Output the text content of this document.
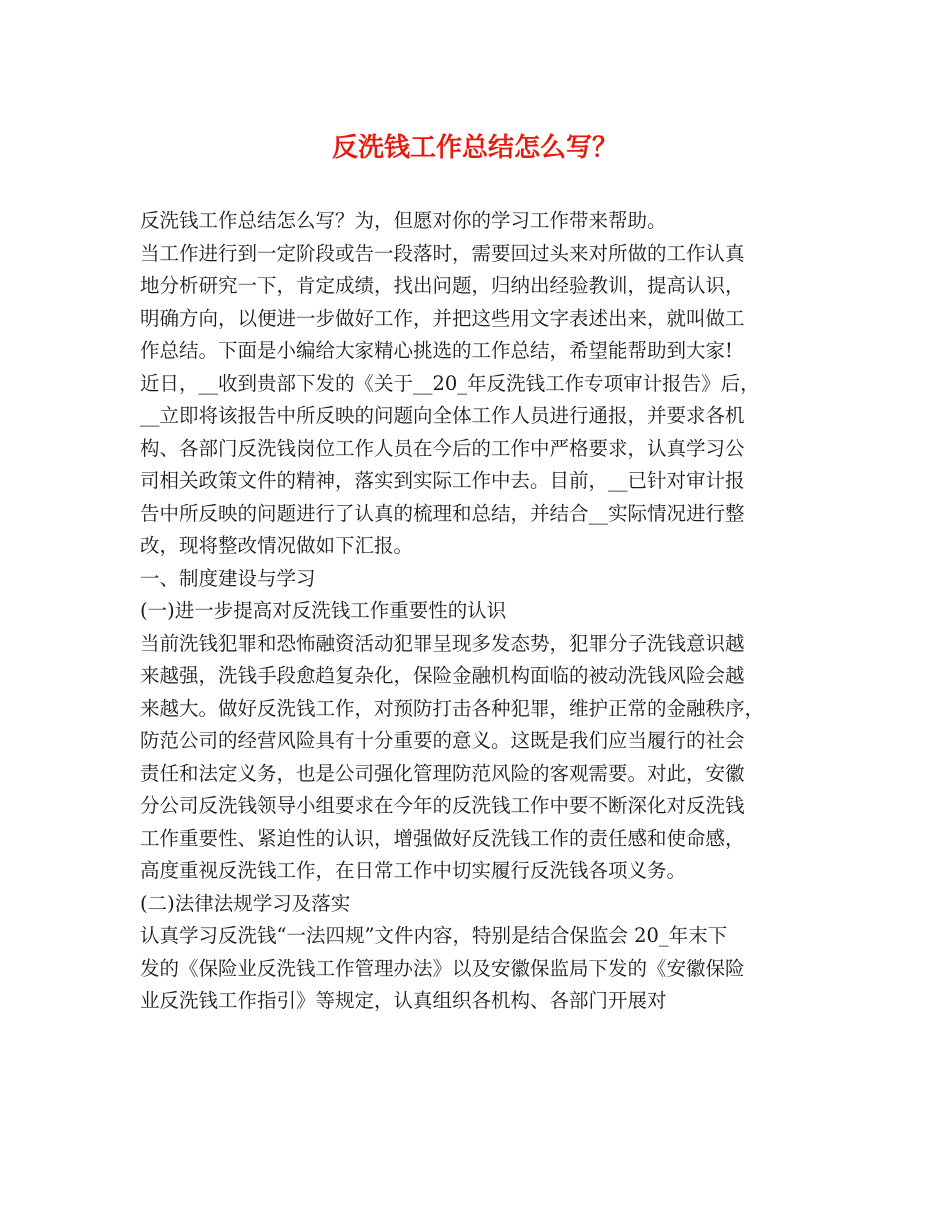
反洗钱工作总结怎么写？

反洗钱工作总结怎么写？为，但愿对你的学习工作带来帮助。

当工作进行到一定阶段或告一段落时，需要回过头来对所做的工作认真

地分析研究一下，肯定成绩，找出问题，归纳出经验教训，提高认识，

明确方向，以便进一步做好工作，并把这些用文字表述出来，就叫做工

作总结。下面是小编给大家精心挑选的工作总结，希望能帮助到大家!

近日，__收到贵部下发的《关于__20_年反洗钱工作专项审计报告》后，

__立即将该报告中所反映的问题向全体工作人员进行通报，并要求各机

构、各部门反洗钱岗位工作人员在今后的工作中严格要求，认真学习公

司相关政策文件的精神，落实到实际工作中去。目前，__已针对审计报

告中所反映的问题进行了认真的梳理和总结，并结合__实际情况进行整

改，现将整改情况做如下汇报。

一、制度建设与学习

(一)进一步提高对反洗钱工作重要性的认识

当前洗钱犯罪和恐怖融资活动犯罪呈现多发态势，犯罪分子洗钱意识越

来越强，洗钱手段愈趋复杂化，保险金融机构面临的被动洗钱风险会越

来越大。做好反洗钱工作，对预防打击各种犯罪，维护正常的金融秩序，

防范公司的经营风险具有十分重要的意义。这既是我们应当履行的社会

责任和法定义务，也是公司强化管理防范风险的客观需要。对此，安徽

分公司反洗钱领导小组要求在今年的反洗钱工作中要不断深化对反洗钱

工作重要性、紧迫性的认识，增强做好反洗钱工作的责任感和使命感，

高度重视反洗钱工作，在日常工作中切实履行反洗钱各项义务。

(二)法律法规学习及落实

认真学习反洗钱“一法四规”文件内容，特别是结合保监会 20_年末下

发的《保险业反洗钱工作管理办法》以及安徽保监局下发的《安徽保险

业反洗钱工作指引》等规定，认真组织各机构、各部门开展对
